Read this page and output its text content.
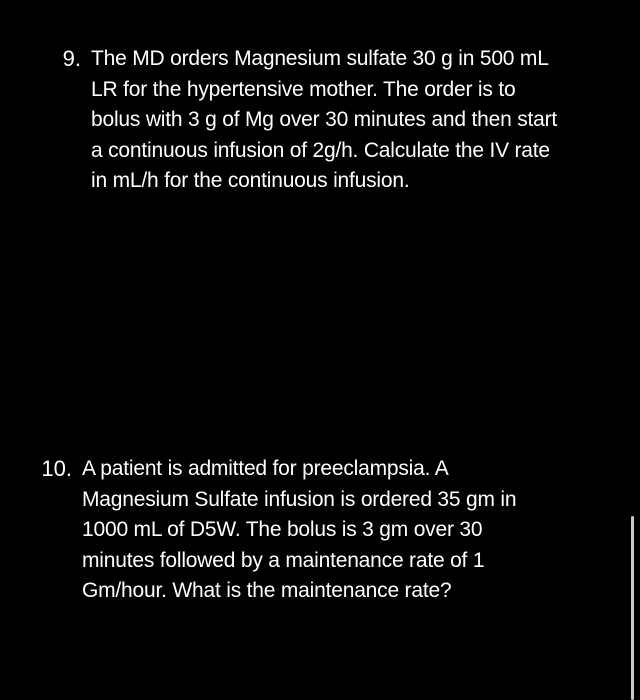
9. The MD orders Magnesium sulfate 30 g in 500 mL
LR for the hypertensive mother. The order is to
bolus with 3 g of Mg over 30 minutes and then start
a continuous infusion of 2g/h. Calculate the IV rate
in mL/h for the continuous infusion.
10. A patient is admitted for preeclampsia. A
Magnesium Sulfate infusion is ordered 35 gm in
1000 mL of D5W. The bolus is 3 gm over 30
minutes followed by a maintenance rate of 1
Gm/hour. What is the maintenance rate?
